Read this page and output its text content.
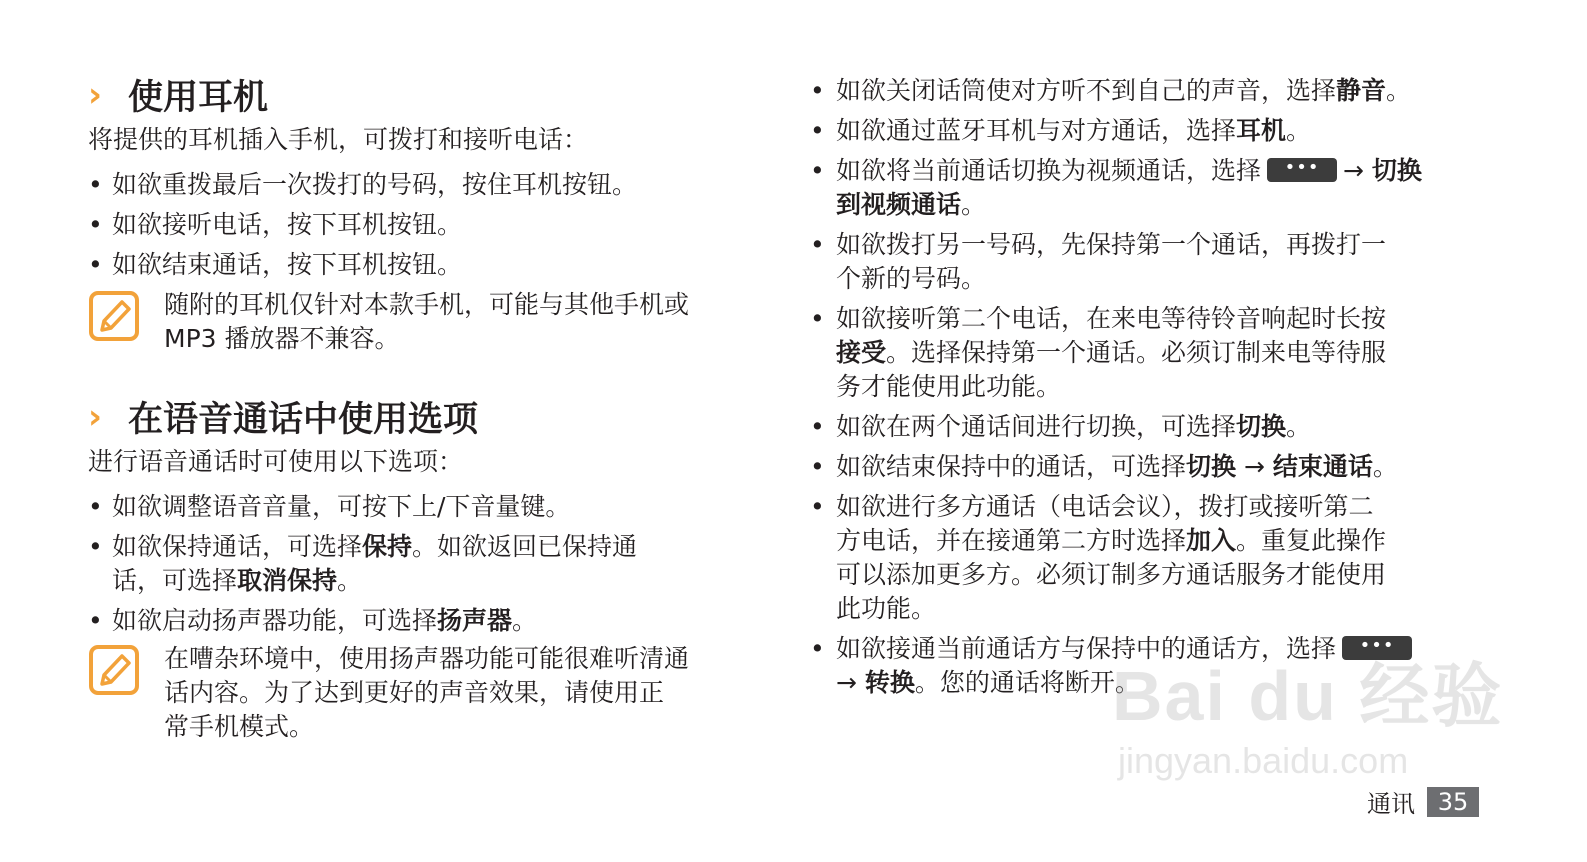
› 使用耳机
将提供的耳机插入手机，可拨打和接听电话：
• 如欲重拨最后一次拨打的号码，按住耳机按钮。
• 如欲接听电话，按下耳机按钮。
• 如欲结束通话，按下耳机按钮。
随附的耳机仅针对本款手机，可能与其他手机或
MP3 播放器不兼容。
› 在语音通话中使用选项
进行语音通话时可使用以下选项：
• 如欲调整语音音量，可按下上/下音量键。
• 如欲保持通话，可选择保持。如欲返回已保持通
话，可选择取消保持。
• 如欲启动扬声器功能，可选择扬声器。
在嘈杂环境中，使用扬声器功能可能很难听清通
话内容。为了达到更好的声音效果，请使用正
常手机模式。
• 如欲关闭话筒使对方听不到自己的声音，选择静音。
• 如欲通过蓝牙耳机与对方通话，选择耳机。
• 如欲将当前通话切换为视频通话，选择 ••• → 切换
到视频通话。
• 如欲拨打另一号码，先保持第一个通话，再拨打一
个新的号码。
• 如欲接听第二个电话，在来电等待铃音响起时长按
接受。选择保持第一个通话。必须订制来电等待服
务才能使用此功能。
• 如欲在两个通话间进行切换，可选择切换。
• 如欲结束保持中的通话，可选择切换 → 结束通话。
• 如欲进行多方通话（电话会议），拨打或接听第二
方电话，并在接通第二方时选择加入。重复此操作
可以添加更多方。必须订制多方通话服务才能使用
此功能。
• 如欲接通当前通话方与保持中的通话方，选择 •••
→ 转换。您的通话将断开。
Bai du 经验
jingyan.baidu.com
通讯 35
